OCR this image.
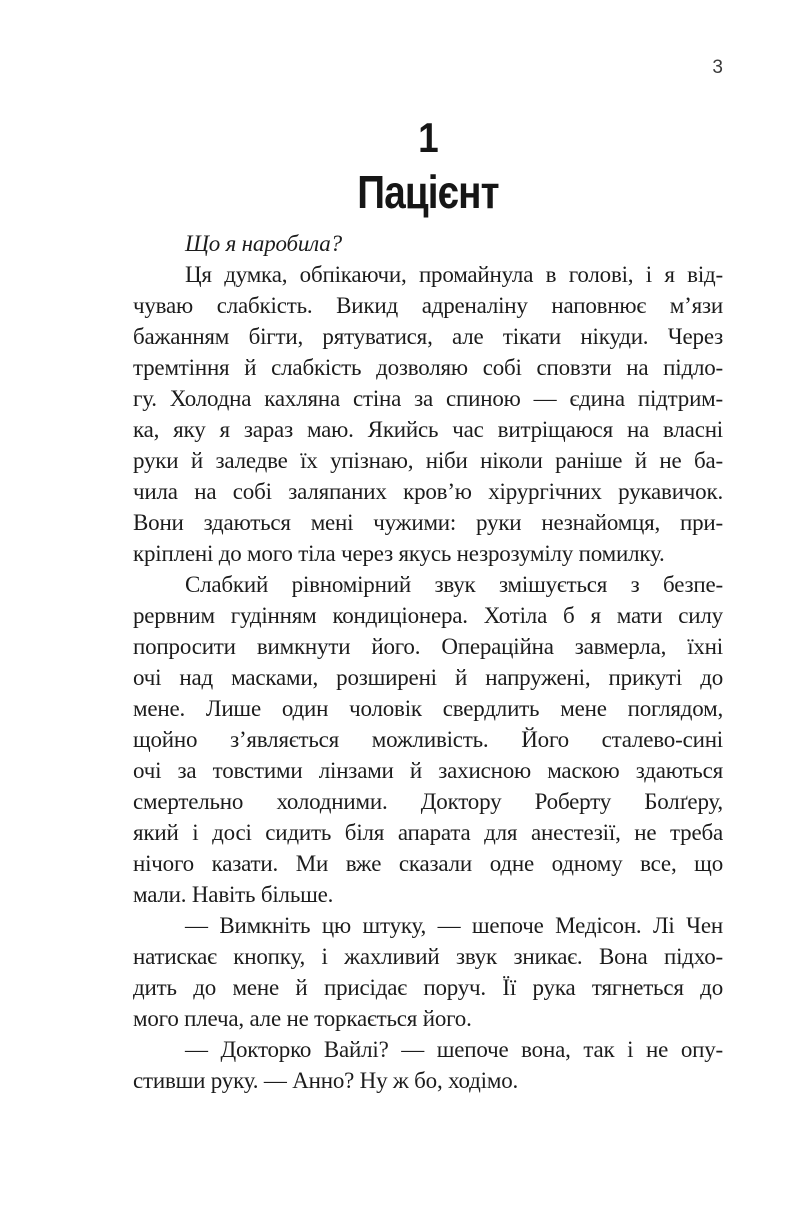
3
1
Пацієнт
Що я наробила?
Ця думка, обпікаючи, промайнула в голові, і я від-
чуваю слабкість. Викид адреналіну наповнює м’язи
бажанням бігти, рятуватися, але тікати нікуди. Через
тремтіння й слабкість дозволяю собі сповзти на підло-
гу. Холодна кахляна стіна за спиною — єдина підтрим-
ка, яку я зараз маю. Якийсь час витріщаюся на власні
руки й заледве їх упізнаю, ніби ніколи раніше й не ба-
чила на собі заляпаних кров’ю хірургічних рукавичок.
Вони здаються мені чужими: руки незнайомця, при-
кріплені до мого тіла через якусь незрозумілу помилку.
Слабкий рівномірний звук змішується з безпе-
рервним гудінням кондиціонера. Хотіла б я мати силу
попросити вимкнути його. Операційна завмерла, їхні
очі над масками, розширені й напружені, прикуті до
мене. Лише один чоловік свердлить мене поглядом,
щойно з’являється можливість. Його сталево-сині
очі за товстими лінзами й захисною маскою здаються
смертельно холодними. Доктору Роберту Болґеру,
який і досі сидить біля апарата для анестезії, не треба
нічого казати. Ми вже сказали одне одному все, що
мали. Навіть більше.
— Вимкніть цю штуку, — шепоче Медісон. Лі Чен
натискає кнопку, і жахливий звук зникає. Вона підхо-
дить до мене й присідає поруч. Її рука тягнеться до
мого плеча, але не торкається його.
— Докторко Вайлі? — шепоче вона, так і не опу-
стивши руку. — Анно? Ну ж бо, ходімо.
